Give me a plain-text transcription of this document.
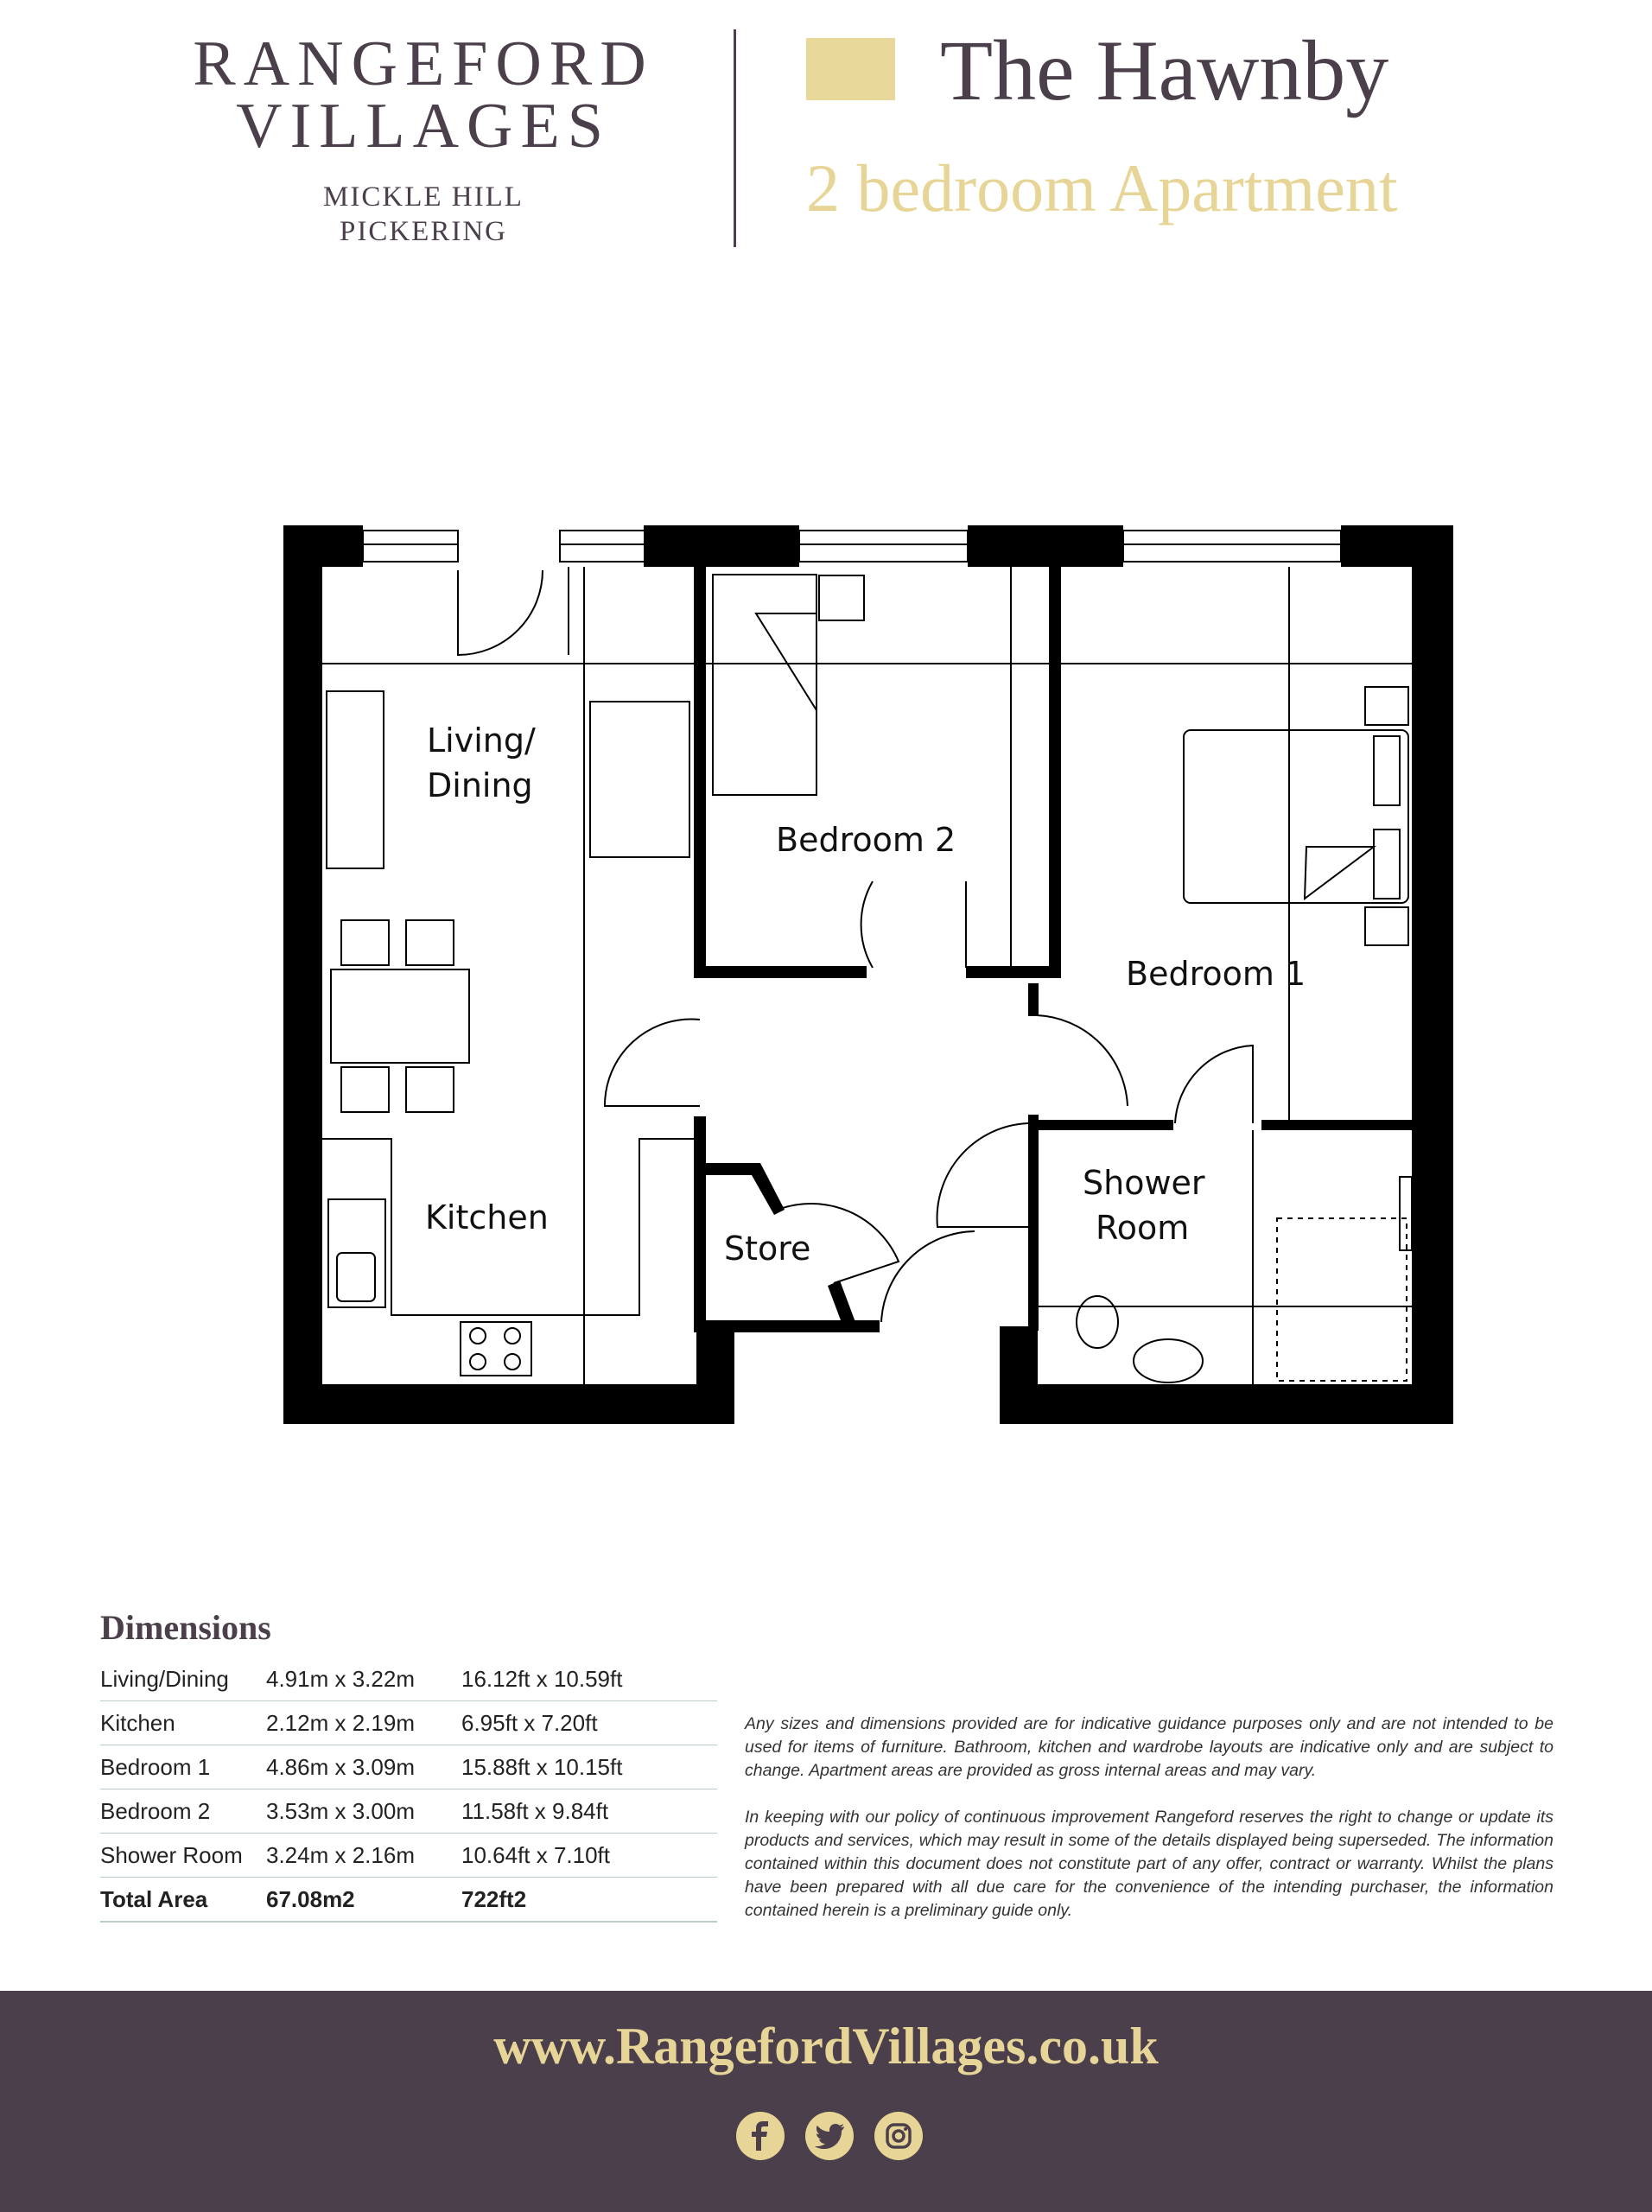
RANGEFORD
VILLAGES
MICKLE HILL
PICKERING
The Hawnby
2 bedroom Apartment
Living/
Dining
Bedroom 2
Bedroom 1
Kitchen
Store
Shower
Room
Dimensions
Living/Dining	4.91m x 3.22m	16.12ft x 10.59ft
Kitchen	2.12m x 2.19m	6.95ft x 7.20ft
Bedroom 1	4.86m x 3.09m	15.88ft x 10.15ft
Bedroom 2	3.53m x 3.00m	11.58ft x 9.84ft
Shower Room	3.24m x 2.16m	10.64ft x 7.10ft
Total Area	67.08m2	722ft2

Any sizes and dimensions provided are for indicative guidance purposes only and are not intended to be used for items of furniture. Bathroom, kitchen and wardrobe layouts are indicative only and are subject to change. Apartment areas are provided as gross internal areas and may vary.

In keeping with our policy of continuous improvement Rangeford reserves the right to change or update its products and services, which may result in some of the details displayed being superseded. The information contained within this document does not constitute part of any offer, contract or warranty. Whilst the plans have been prepared with all due care for the convenience of the intending purchaser, the information contained herein is a preliminary guide only.

www.RangefordVillages.co.uk
